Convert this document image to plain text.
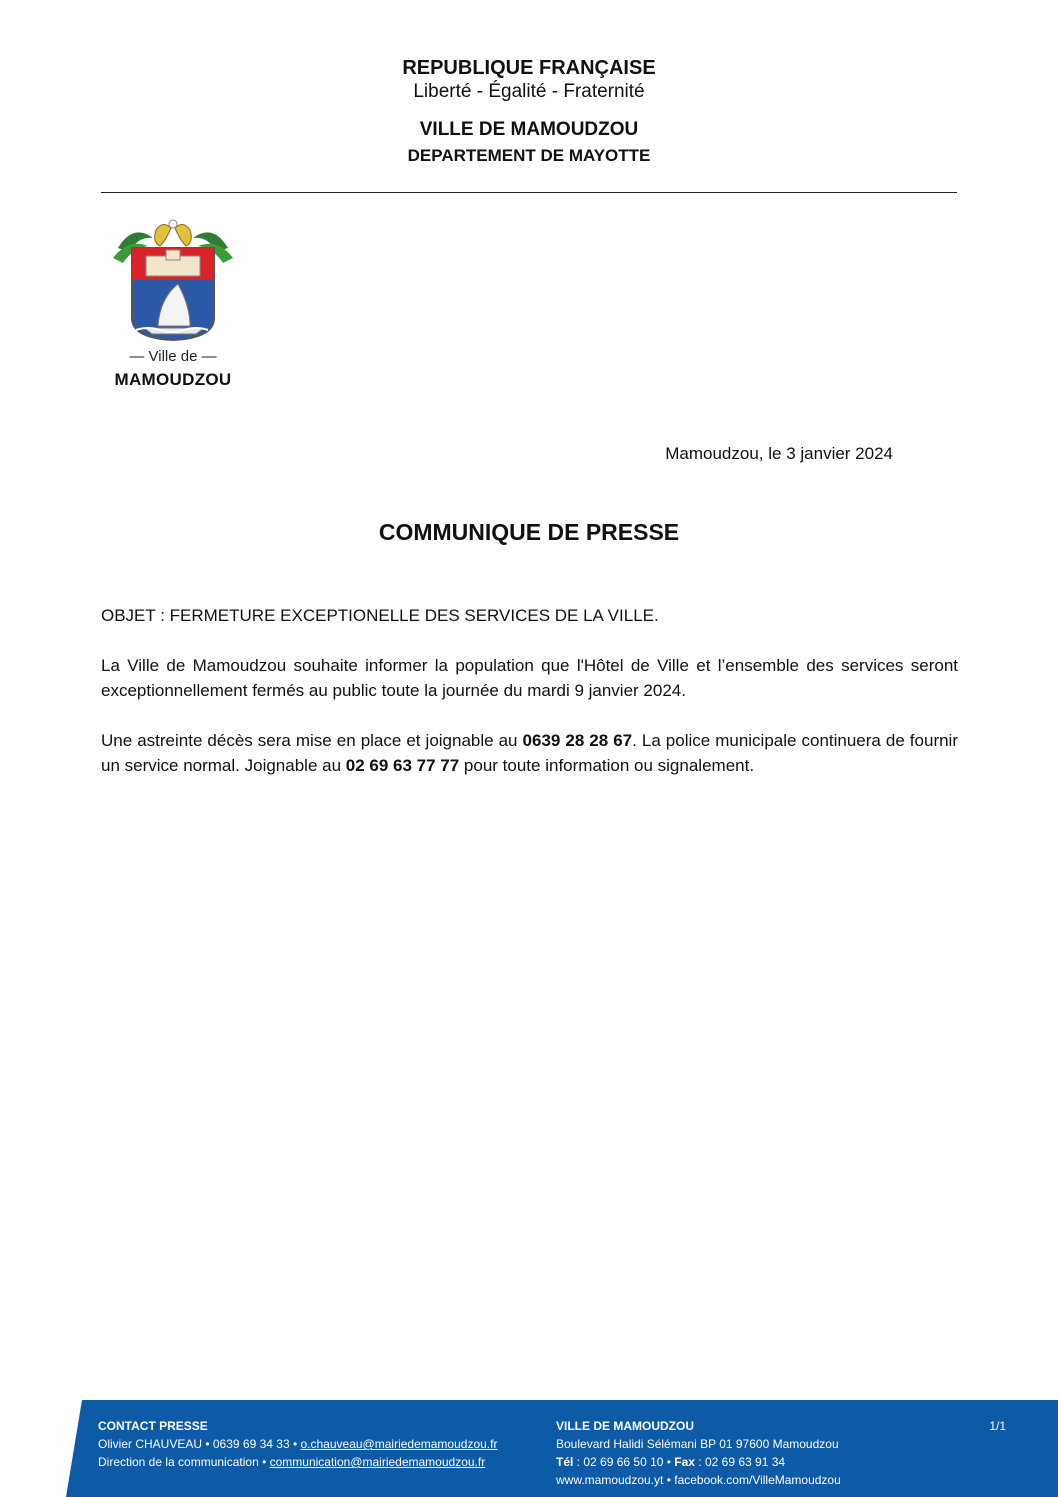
REPUBLIQUE FRANÇAISE
Liberté - Égalité - Fraternité
VILLE DE MAMOUDZOU
DEPARTEMENT DE MAYOTTE
— Ville de —
MAMOUDZOU
Mamoudzou, le 3 janvier 2024
COMMUNIQUE DE PRESSE
OBJET : FERMETURE EXCEPTIONELLE DES SERVICES DE LA VILLE.
La Ville de Mamoudzou souhaite informer la population que l'Hôtel de Ville et l’ensemble des services seront exceptionnellement fermés au public toute la journée du mardi 9 janvier 2024.
Une astreinte décès sera mise en place et joignable au 0639 28 28 67. La police municipale continuera de fournir un service normal. Joignable au 02 69 63 77 77 pour toute information ou signalement.
CONTACT PRESSE
Olivier CHAUVEAU • 0639 69 34 33 • o.chauveau@mairiedemamoudzou.fr
Direction de la communication • communication@mairiedemamoudzou.fr
VILLE DE MAMOUDZOU
Boulevard Halidi Sélémani BP 01 97600 Mamoudzou
Tél : 02 69 66 50 10 • Fax : 02 69 63 91 34
www.mamoudzou.yt • facebook.com/VilleMamoudzou
1/1
